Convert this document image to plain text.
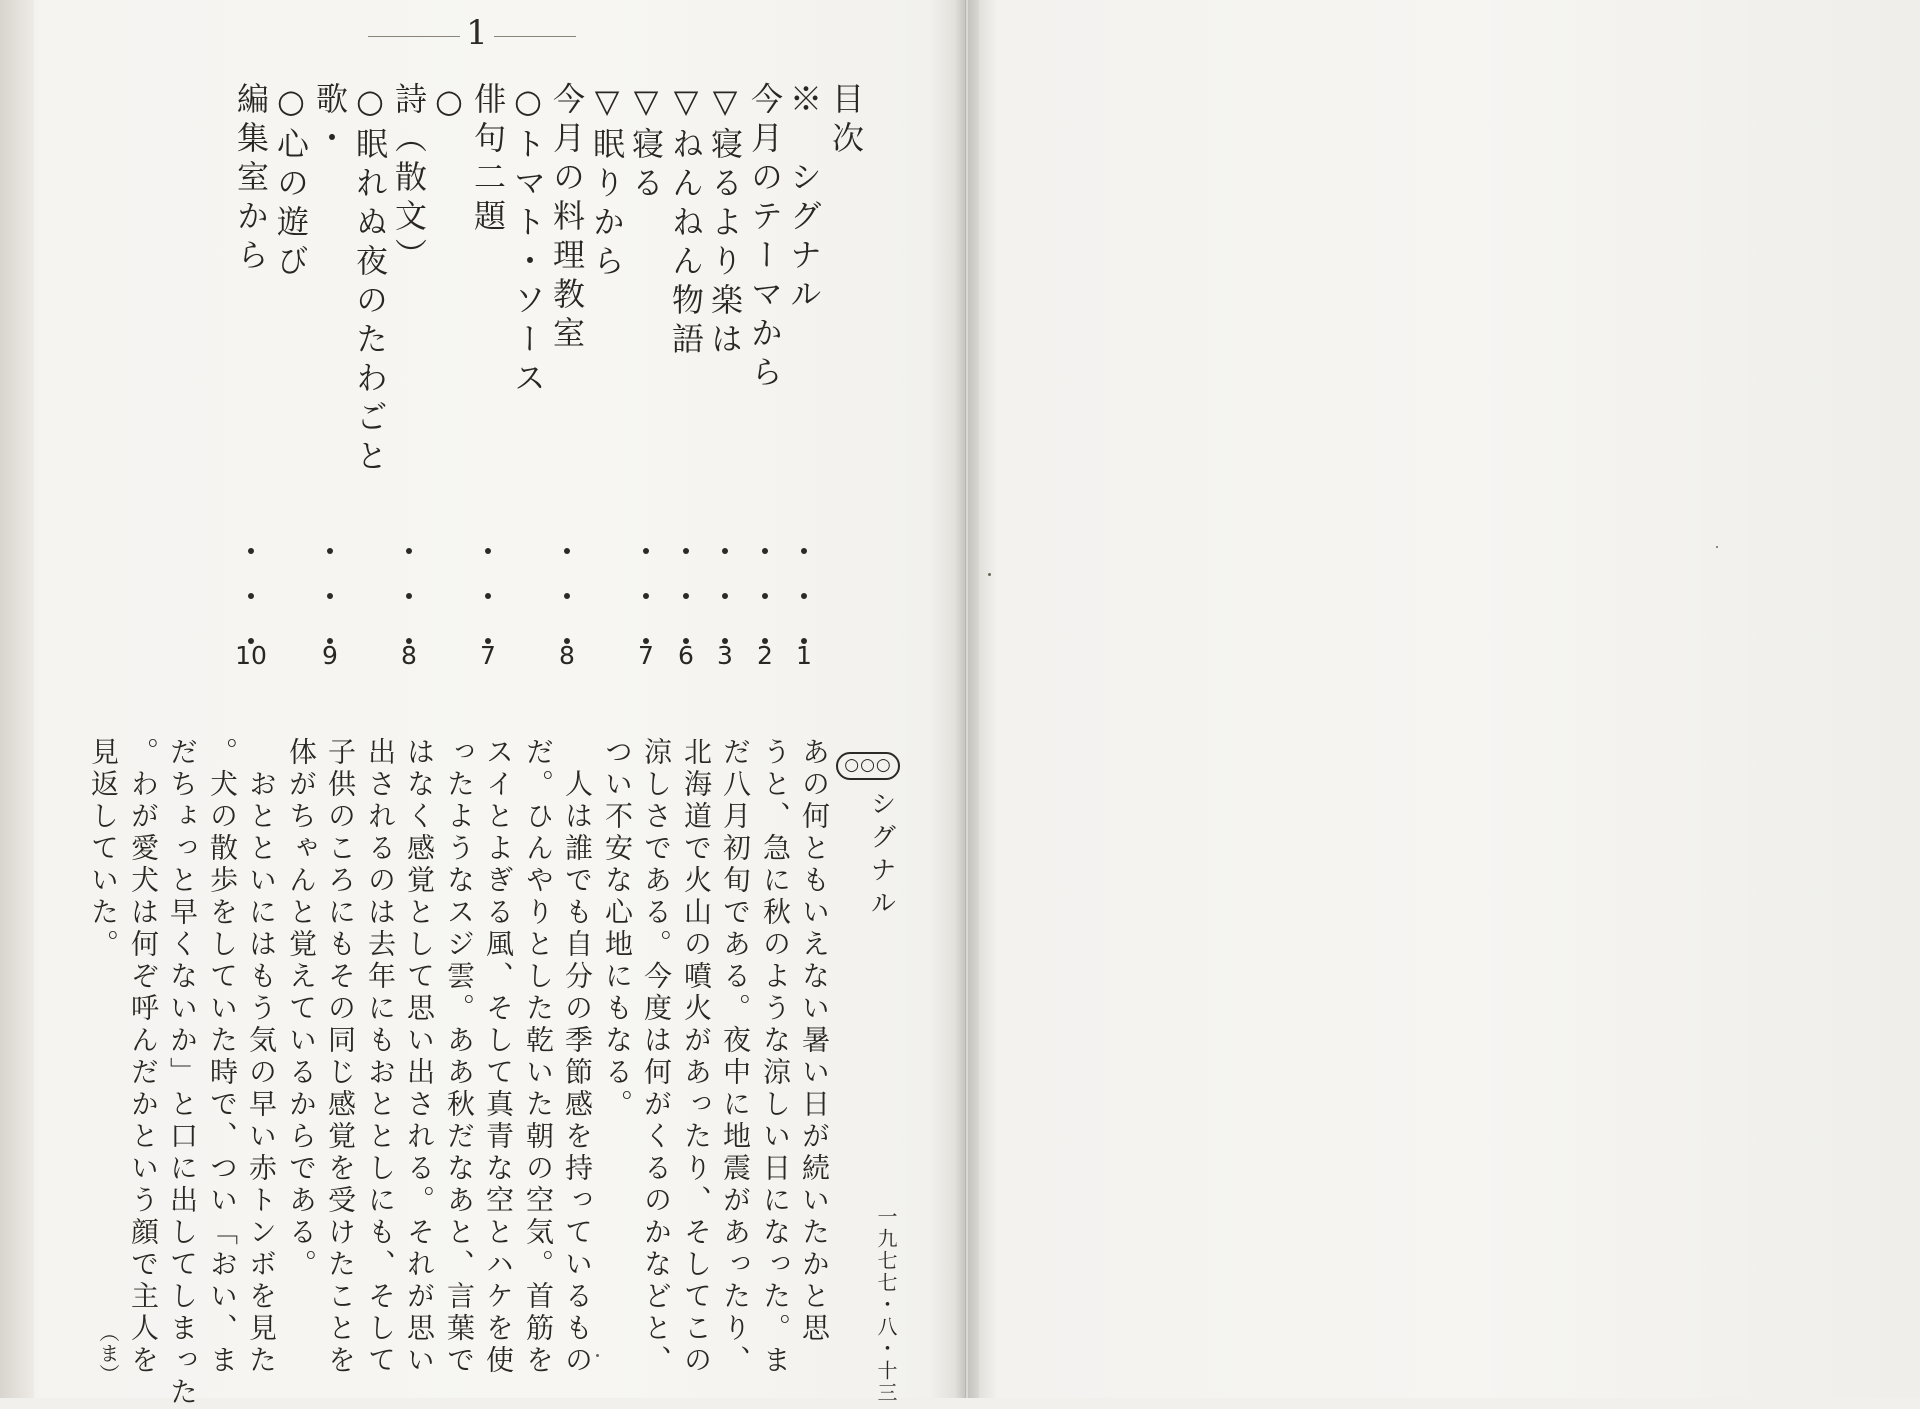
1
目次
※　シグナル
1
今月のテーマから
2
▽寝るより楽は
3
▽ねんねん物語
6
▽寝る
7
▽眠りから
今月の料理教室
8
○トマト・ソース
俳句二題
7
○
詩（散文）
8
○眠れぬ夜のたわごと
歌・
9
○心の遊び
編集室から
10
○○○
シグナル
一九七七・八・十三
（ま）
あの何ともいえない暑い日が続いたかと思
うと、急に秋のような涼しい日になった。ま
だ八月初旬である。夜中に地震があったり、
北海道で火山の噴火があったり、そしてこの
涼しさである。今度は何がくるのかなどと、
つい不安な心地にもなる。
　人は誰でも自分の季節感を持っているもの
だ。ひんやりとした乾いた朝の空気。首筋を
スイとよぎる風、そして真青な空とハケを使
ったようなスジ雲。ああ秋だなあと、言葉で
はなく感覚として思い出される。それが思い
出されるのは去年にもおととしにも、そして
子供のころにもその同じ感覚を受けたことを
体がちゃんと覚えているからである。
　おとといにはもう気の早い赤トンボを見た
。犬の散歩をしていた時で、つい「おい、ま
だちょっと早くないか」と口に出してしまった
。わが愛犬は何ぞ呼んだかという顔で主人を
見返していた。
